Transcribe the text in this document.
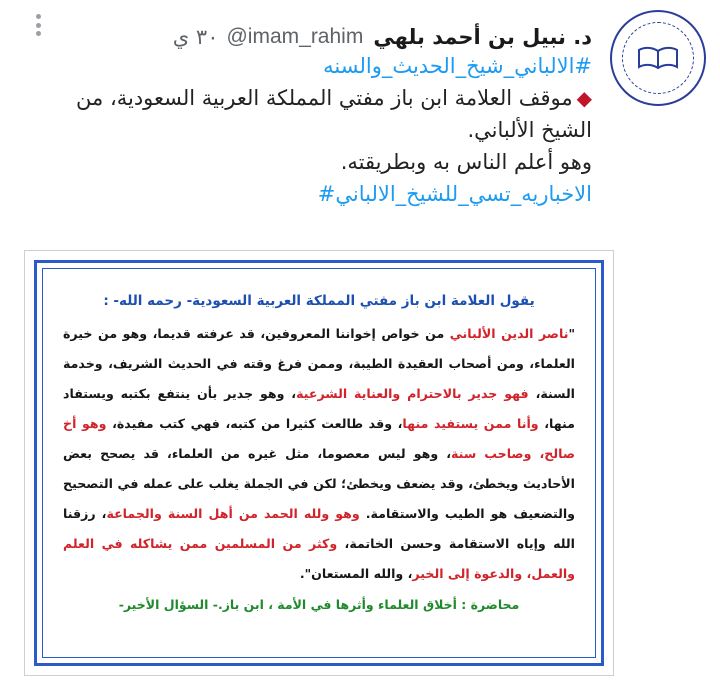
د. نبيل بن أحمد بلهي
@imam_rahim
٣٠ ي
#الالباني_شيخ_الحديث_والسنه
◆موقف العلامة ابن باز مفتي المملكة العربية السعودية، من الشيخ الألباني.
وهو أعلم الناس به وبطريقته.
الاخباريه_تسي_للشيخ_الالباني#
يقول العلامة ابن باز مفتي المملكة العربية السعودية- رحمه الله- :
"ناصر الدين الألباني من خواص إخواننا المعروفين، قد عرفته قديما، وهو من خيرة العلماء، ومن أصحاب العقيدة الطيبة، وممن فرغ وقته في الحديث الشريف، وخدمة السنة، فهو جدير بالاحترام والعناية الشرعية، وهو جدير بأن ينتفع بكتبه ويستفاد منها، وأنا ممن يستفيد منها، وقد طالعت كثيرا من كتبه، فهي كتب مفيدة، وهو أخ صالح، وصاحب سنة، وهو ليس معصوما، مثل غيره من العلماء، قد يصحح بعض الأحاديث ويخطئ، وقد يضعف ويخطئ؛ لكن في الجملة يغلب على عمله في التصحيح والتضعيف هو الطيب والاستقامة. وهو ولله الحمد من أهل السنة والجماعة، رزقنا الله وإياه الاستقامة وحسن الخاتمة، وكثر من المسلمين ممن يشاكله في العلم والعمل، والدعوة إلى الخير، والله المستعان".
محاضرة : أخلاق العلماء وأثرها في الأمة ، ابن باز.- السؤال الأخير-
